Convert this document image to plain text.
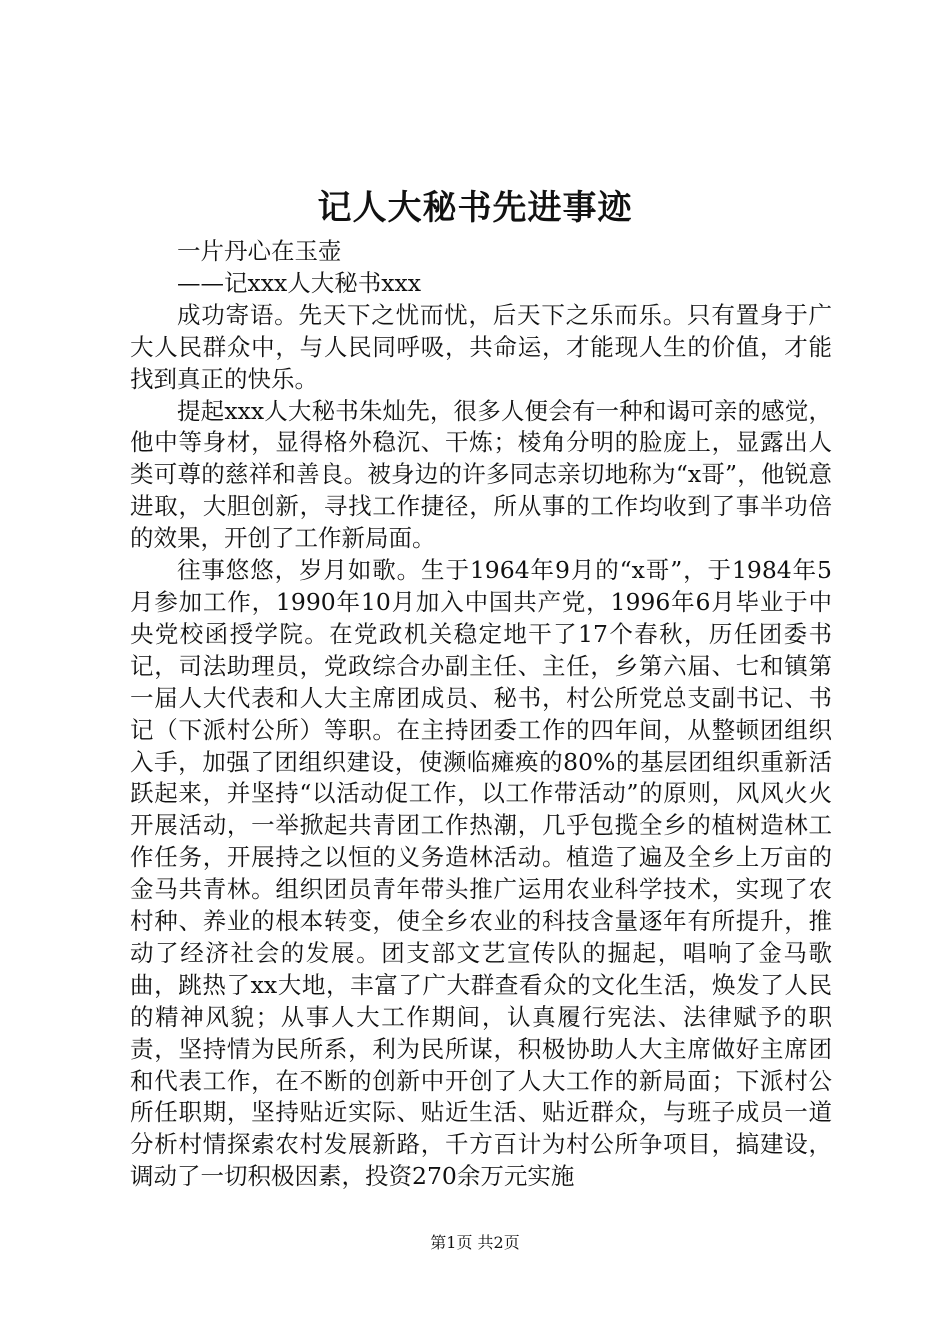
记人大秘书先进事迹

一片丹心在玉壶

——记xxx人大秘书xxx

成功寄语。先天下之忧而忧，后天下之乐而乐。只有置身于广大人民群众中，与人民同呼吸，共命运，才能现人生的价值，才能找到真正的快乐。

提起xxx人大秘书朱灿先，很多人便会有一种和谒可亲的感觉，他中等身材，显得格外稳沉、干炼；棱角分明的脸庞上，显露出人类可尊的慈祥和善良。被身边的许多同志亲切地称为“x哥”，他锐意进取，大胆创新，寻找工作捷径，所从事的工作均收到了事半功倍的效果，开创了工作新局面。

往事悠悠，岁月如歌。生于1964年9月的“x哥”，于1984年5月参加工作，1990年10月加入中国共产党，1996年6月毕业于中央党校函授学院。在党政机关稳定地干了17个春秋，历任团委书记，司法助理员，党政综合办副主任、主任，乡第六届、七和镇第一届人大代表和人大主席团成员、秘书，村公所党总支副书记、书记（下派村公所）等职。在主持团委工作的四年间，从整顿团组织入手，加强了团组织建设，使濒临瘫痪的80%的基层团组织重新活跃起来，并坚持“以活动促工作，以工作带活动”的原则，风风火火开展活动，一举掀起共青团工作热潮，几乎包揽全乡的植树造林工作任务，开展持之以恒的义务造林活动。植造了遍及全乡上万亩的金马共青林。组织团员青年带头推广运用农业科学技术，实现了农村种、养业的根本转变，使全乡农业的科技含量逐年有所提升，推动了经济社会的发展。团支部文艺宣传队的掘起，唱响了金马歌曲，跳热了xx大地，丰富了广大群查看众的文化生活，焕发了人民的精神风貌；从事人大工作期间，认真履行宪法、法律赋予的职责，坚持情为民所系，利为民所谋，积极协助人大主席做好主席团和代表工作，在不断的创新中开创了人大工作的新局面；下派村公所任职期，坚持贴近实际、贴近生活、贴近群众，与班子成员一道分析村情探索农村发展新路，千方百计为村公所争项目，搞建设，调动了一切积极因素，投资270余万元实施

第1页 共2页
